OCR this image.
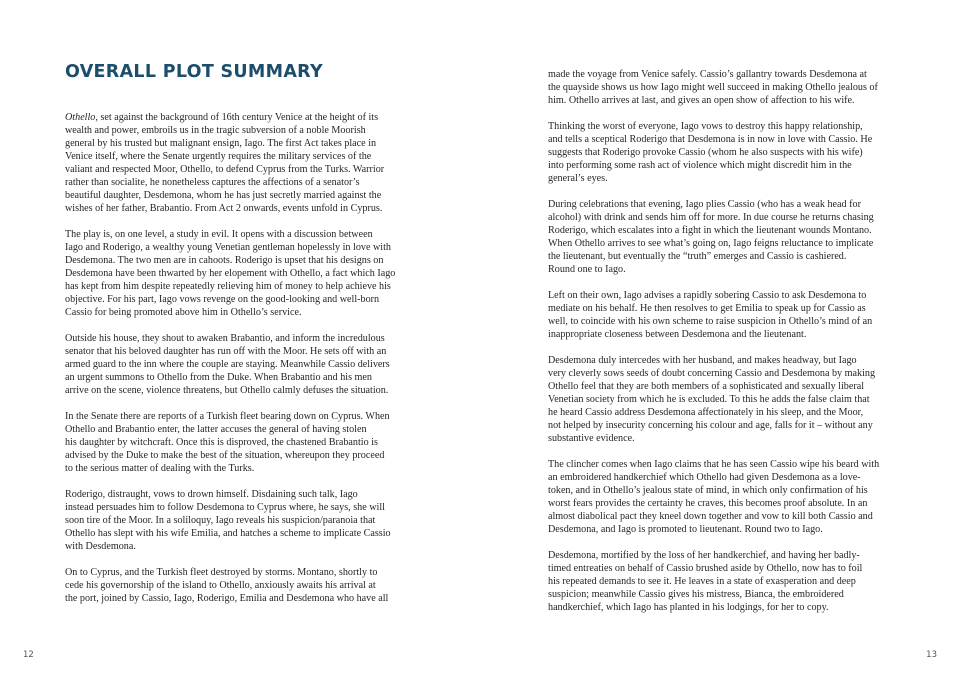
OVERALL PLOT SUMMARY

Othello, set against the background of 16th century Venice at the height of its
wealth and power, embroils us in the tragic subversion of a noble Moorish
general by his trusted but malignant ensign, Iago. The first Act takes place in
Venice itself, where the Senate urgently requires the military services of the
valiant and respected Moor, Othello, to defend Cyprus from the Turks. Warrior
rather than socialite, he nonetheless captures the affections of a senator’s
beautiful daughter, Desdemona, whom he has just secretly married against the
wishes of her father, Brabantio. From Act 2 onwards, events unfold in Cyprus.

The play is, on one level, a study in evil. It opens with a discussion between
Iago and Roderigo, a wealthy young Venetian gentleman hopelessly in love with
Desdemona. The two men are in cahoots. Roderigo is upset that his designs on
Desdemona have been thwarted by her elopement with Othello, a fact which Iago
has kept from him despite repeatedly relieving him of money to help achieve his
objective. For his part, Iago vows revenge on the good-looking and well-born
Cassio for being promoted above him in Othello’s service.

Outside his house, they shout to awaken Brabantio, and inform the incredulous
senator that his beloved daughter has run off with the Moor. He sets off with an
armed guard to the inn where the couple are staying. Meanwhile Cassio delivers
an urgent summons to Othello from the Duke. When Brabantio and his men
arrive on the scene, violence threatens, but Othello calmly defuses the situation.

In the Senate there are reports of a Turkish fleet bearing down on Cyprus. When
Othello and Brabantio enter, the latter accuses the general of having stolen
his daughter by witchcraft. Once this is disproved, the chastened Brabantio is
advised by the Duke to make the best of the situation, whereupon they proceed
to the serious matter of dealing with the Turks.

Roderigo, distraught, vows to drown himself. Disdaining such talk, Iago
instead persuades him to follow Desdemona to Cyprus where, he says, she will
soon tire of the Moor. In a soliloquy, Iago reveals his suspicion/paranoia that
Othello has slept with his wife Emilia, and hatches a scheme to implicate Cassio
with Desdemona.

On to Cyprus, and the Turkish fleet destroyed by storms. Montano, shortly to
cede his governorship of the island to Othello, anxiously awaits his arrival at
the port, joined by Cassio, Iago, Roderigo, Emilia and Desdemona who have all

12

made the voyage from Venice safely. Cassio’s gallantry towards Desdemona at
the quayside shows us how Iago might well succeed in making Othello jealous of
him. Othello arrives at last, and gives an open show of affection to his wife.

Thinking the worst of everyone, Iago vows to destroy this happy relationship,
and tells a sceptical Roderigo that Desdemona is in now in love with Cassio. He
suggests that Roderigo provoke Cassio (whom he also suspects with his wife)
into performing some rash act of violence which might discredit him in the
general’s eyes.

During celebrations that evening, Iago plies Cassio (who has a weak head for
alcohol) with drink and sends him off for more. In due course he returns chasing
Roderigo, which escalates into a fight in which the lieutenant wounds Montano.
When Othello arrives to see what’s going on, Iago feigns reluctance to implicate
the lieutenant, but eventually the “truth” emerges and Cassio is cashiered.
Round one to Iago.

Left on their own, Iago advises a rapidly sobering Cassio to ask Desdemona to
mediate on his behalf. He then resolves to get Emilia to speak up for Cassio as
well, to coincide with his own scheme to raise suspicion in Othello’s mind of an
inappropriate closeness between Desdemona and the lieutenant.

Desdemona duly intercedes with her husband, and makes headway, but Iago
very cleverly sows seeds of doubt concerning Cassio and Desdemona by making
Othello feel that they are both members of a sophisticated and sexually liberal
Venetian society from which he is excluded. To this he adds the false claim that
he heard Cassio address Desdemona affectionately in his sleep, and the Moor,
not helped by insecurity concerning his colour and age, falls for it – without any
substantive evidence.

The clincher comes when Iago claims that he has seen Cassio wipe his beard with
an embroidered handkerchief which Othello had given Desdemona as a love-
token, and in Othello’s jealous state of mind, in which only confirmation of his
worst fears provides the certainty he craves, this becomes proof absolute. In an
almost diabolical pact they kneel down together and vow to kill both Cassio and
Desdemona, and Iago is promoted to lieutenant. Round two to Iago.

Desdemona, mortified by the loss of her handkerchief, and having her badly-
timed entreaties on behalf of Cassio brushed aside by Othello, now has to foil
his repeated demands to see it. He leaves in a state of exasperation and deep
suspicion; meanwhile Cassio gives his mistress, Bianca, the embroidered
handkerchief, which Iago has planted in his lodgings, for her to copy.

13
